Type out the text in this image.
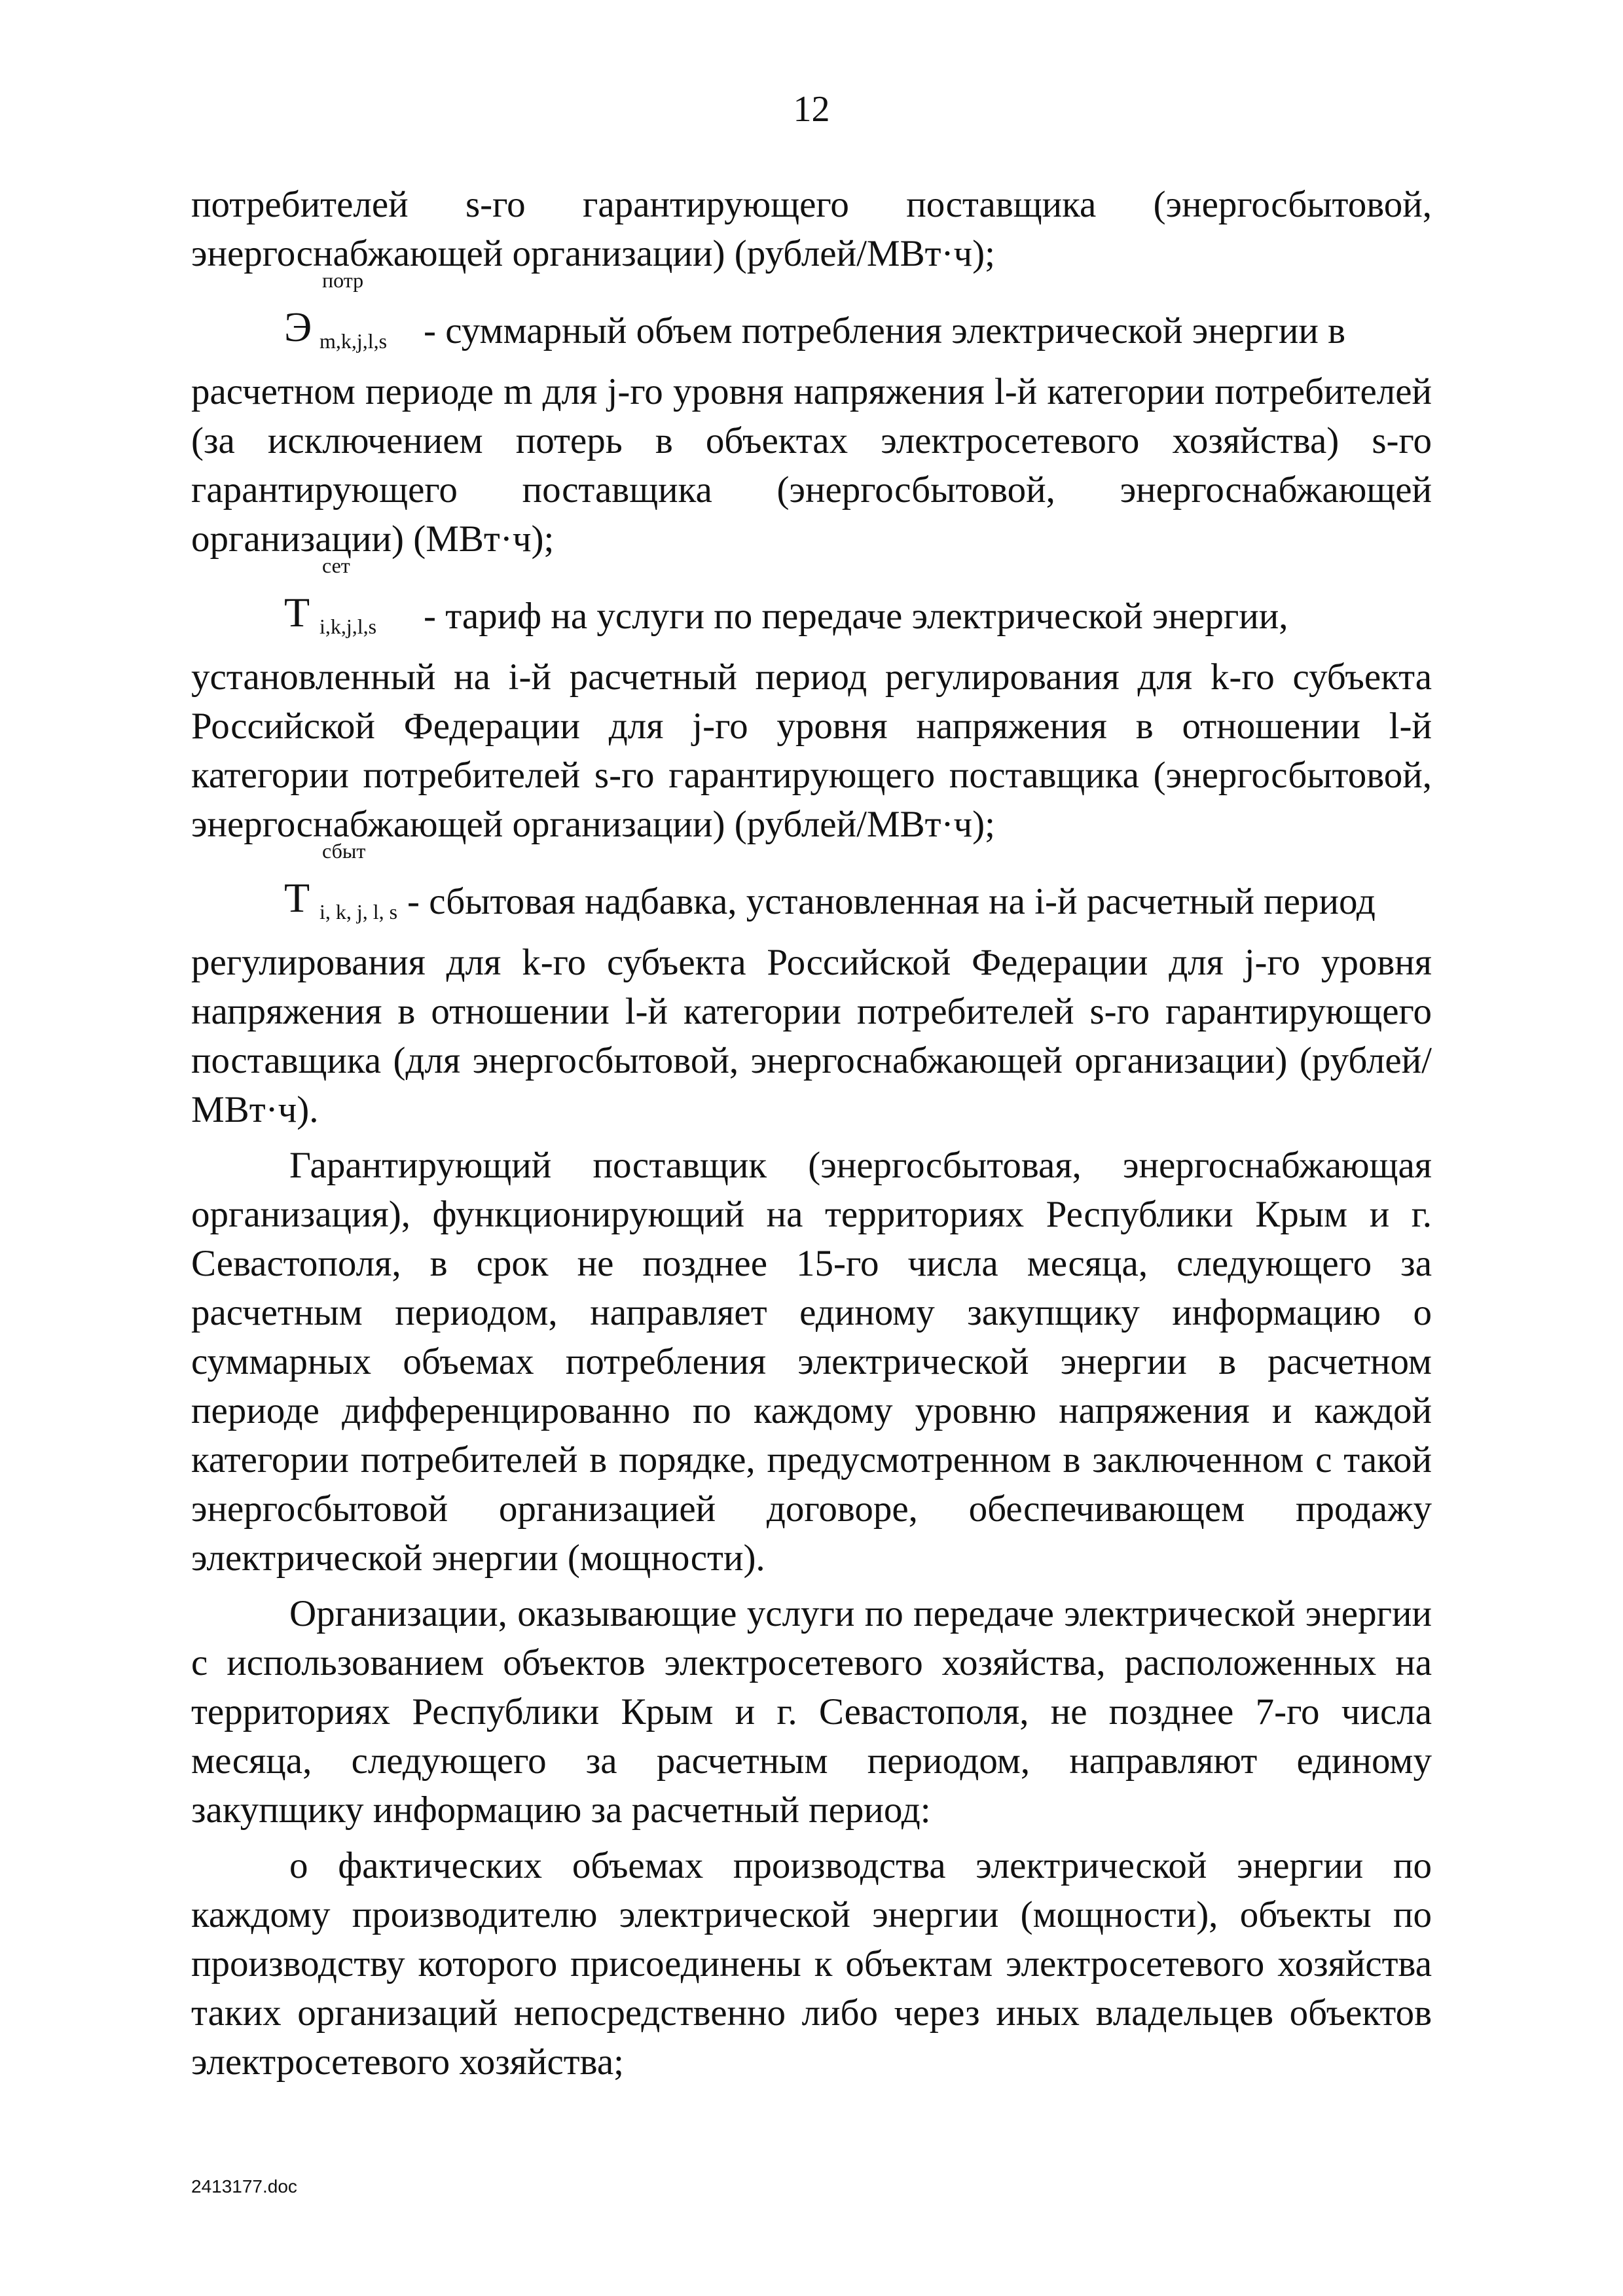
12

потребителей s-го гарантирующего поставщика (энергосбытовой, энергоснабжающей организации) (рублей/МВт·ч);

Э
потр
m,k,j,l,s - суммарный объем потребления электрической энергии в

расчетном периоде m для j-го уровня напряжения l-й категории потребителей (за исключением потерь в объектах электросетевого хозяйства) s-го гарантирующего поставщика (энергосбытовой, энергоснабжающей организации) (МВт·ч);

T
сет
i,k,j,l,s - тариф на услуги по передаче электрической энергии,

установленный на i-й расчетный период регулирования для k-го субъекта Российской Федерации для j-го уровня напряжения в отношении l-й категории потребителей s-го гарантирующего поставщика (энергосбытовой, энергоснабжающей организации) (рублей/МВт·ч);

T
сбыт
i, k, j, l, s - сбытовая надбавка, установленная на i-й расчетный период

регулирования для k-го субъекта Российской Федерации для j-го уровня напряжения в отношении l-й категории потребителей s-го гарантирующего поставщика (для энергосбытовой, энергоснабжающей организации) (рублей/МВт·ч).

Гарантирующий поставщик (энергосбытовая, энергоснабжающая организация), функционирующий на территориях Республики Крым и г. Севастополя, в срок не позднее 15-го числа месяца, следующего за расчетным периодом, направляет единому закупщику информацию о суммарных объемах потребления электрической энергии в расчетном периоде дифференцированно по каждому уровню напряжения и каждой категории потребителей в порядке, предусмотренном в заключенном с такой энергосбытовой организацией договоре, обеспечивающем продажу электрической энергии (мощности).

Организации, оказывающие услуги по передаче электрической энергии с использованием объектов электросетевого хозяйства, расположенных на территориях Республики Крым и г. Севастополя, не позднее 7-го числа месяца, следующего за расчетным периодом, направляют единому закупщику информацию за расчетный период:

о фактических объемах производства электрической энергии по каждому производителю электрической энергии (мощности), объекты по производству которого присоединены к объектам электросетевого хозяйства таких организаций непосредственно либо через иных владельцев объектов электросетевого хозяйства;

2413177.doc
